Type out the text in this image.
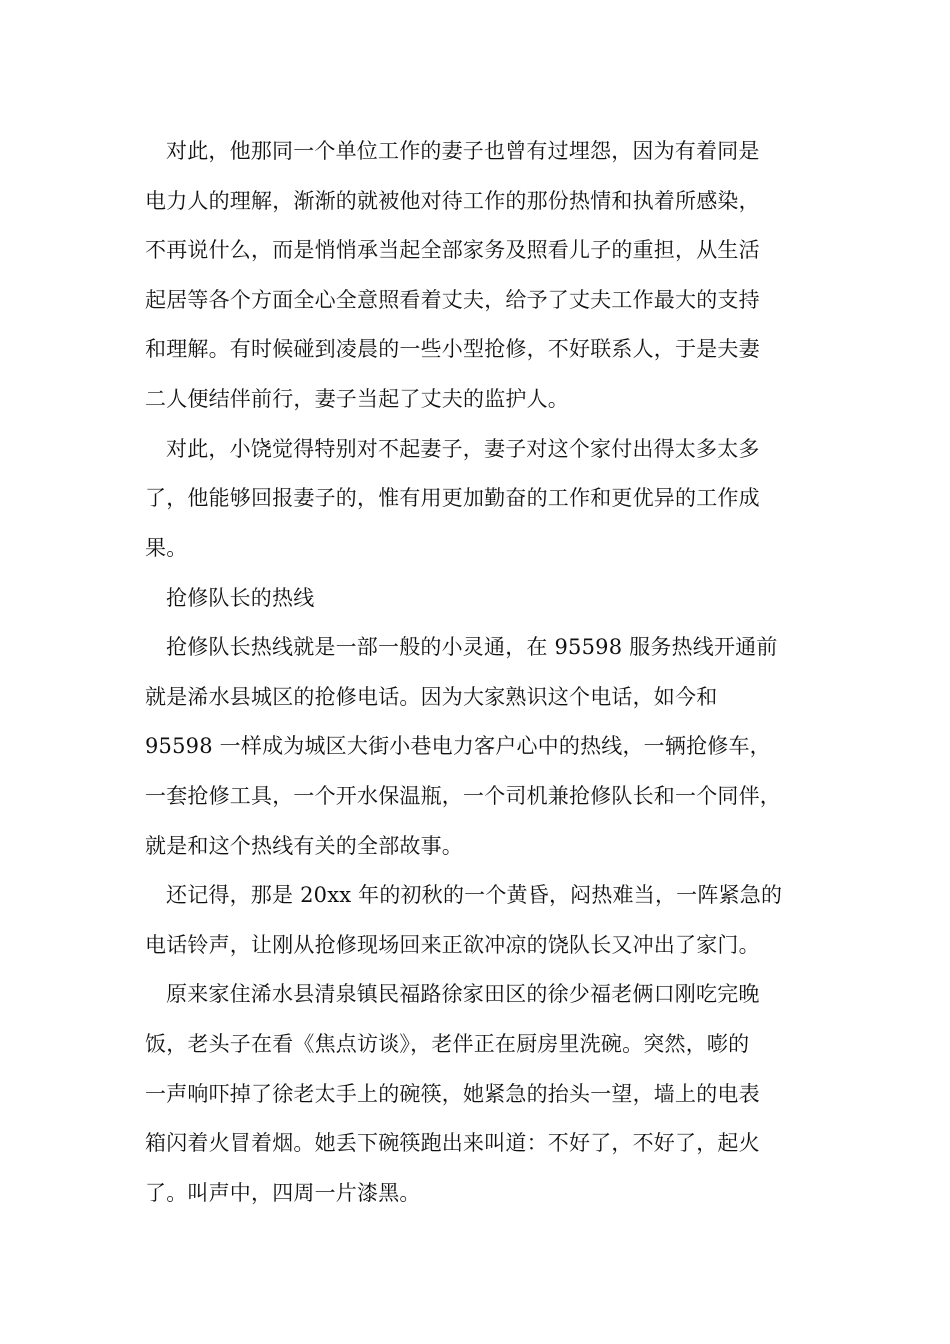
对此，他那同一个单位工作的妻子也曾有过埋怨，因为有着同是
电力人的理解，渐渐的就被他对待工作的那份热情和执着所感染，
不再说什么，而是悄悄承当起全部家务及照看儿子的重担，从生活
起居等各个方面全心全意照看着丈夫，给予了丈夫工作最大的支持
和理解。有时候碰到凌晨的一些小型抢修，不好联系人，于是夫妻
二人便结伴前行，妻子当起了丈夫的监护人。
对此，小饶觉得特别对不起妻子，妻子对这个家付出得太多太多
了，他能够回报妻子的，惟有用更加勤奋的工作和更优异的工作成
果。
抢修队长的热线
抢修队长热线就是一部一般的小灵通，在 95598 服务热线开通前
就是浠水县城区的抢修电话。因为大家熟识这个电话，如今和
95598 一样成为城区大街小巷电力客户心中的热线，一辆抢修车，
一套抢修工具，一个开水保温瓶，一个司机兼抢修队长和一个同伴，
就是和这个热线有关的全部故事。
还记得，那是 20xx 年的初秋的一个黄昏，闷热难当，一阵紧急的
电话铃声，让刚从抢修现场回来正欲冲凉的饶队长又冲出了家门。
原来家住浠水县清泉镇民福路徐家田区的徐少福老俩口刚吃完晚
饭，老头子在看《焦点访谈》，老伴正在厨房里洗碗。突然，嘭的
一声响吓掉了徐老太手上的碗筷，她紧急的抬头一望，墙上的电表
箱闪着火冒着烟。她丢下碗筷跑出来叫道：不好了，不好了，起火
了。叫声中，四周一片漆黑。
